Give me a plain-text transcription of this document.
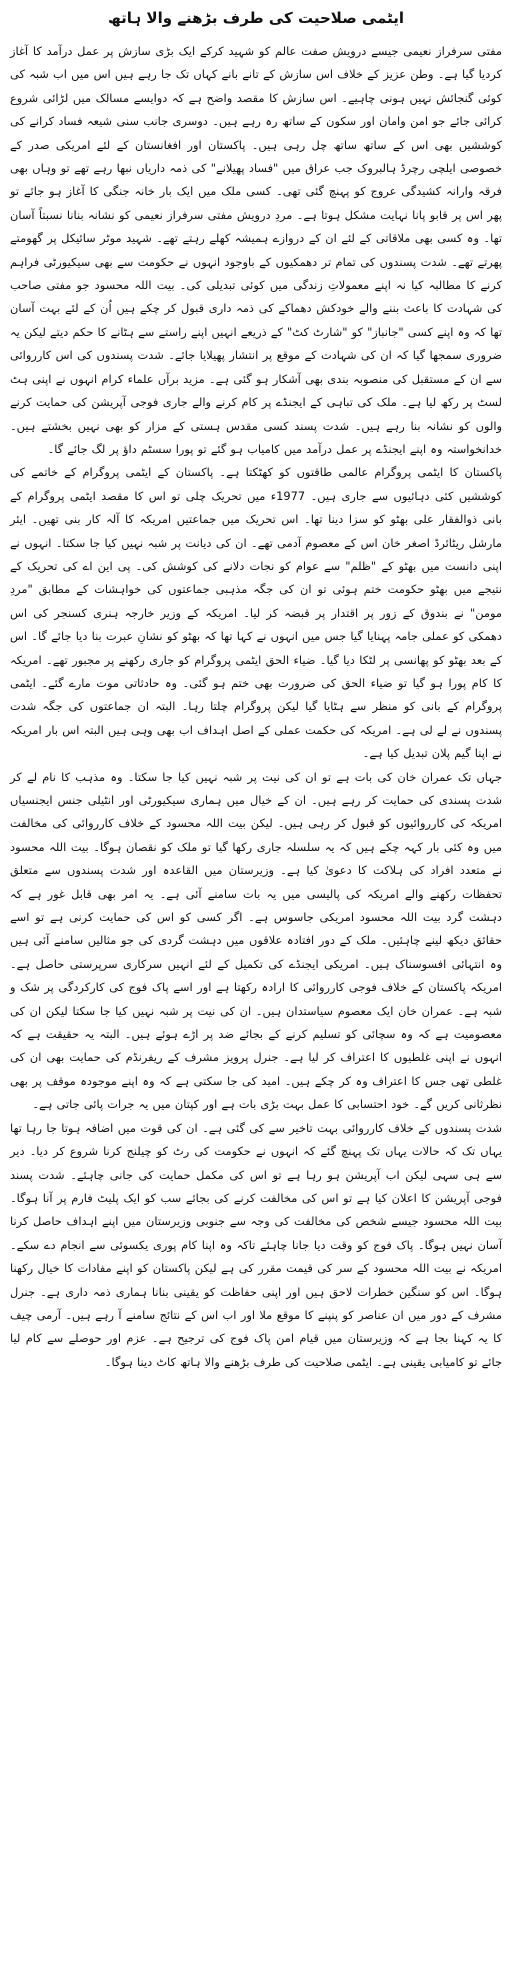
ایٹمی صلاحیت کی طرف بڑھنے والا ہاتھ

مفتی سرفراز نعیمی جیسے درویش صفت عالم کو شہید کرکے ایک بڑی سازش پر عمل درآمد کا آغاز کردیا گیا ہے۔ وطن عزیز کے خلاف اس سازش کے تانے بانے کہاں تک جا رہے ہیں اس میں اب شبہ کی کوئی گنجائش نہیں ہونی چاہیے۔ اس سازش کا مقصد واضح ہے کہ دوایسے مسالک میں لڑائی شروع کرائی جائے جو امن وامان اور سکون کے ساتھ رہ رہے ہیں۔ دوسری جانب سنی شیعہ فساد کرانے کی کوششیں بھی اس کے ساتھ ساتھ چل رہی ہیں۔ پاکستان اور افغانستان کے لئے امریکی صدر کے خصوصی ایلچی رچرڈ ہالبروک جب عراق میں "فساد پھیلانے" کی ذمہ داریاں نبھا رہے تھے تو وہاں بھی فرقہ وارانہ کشیدگی عروج کو پہنچ گئی تھی۔ کسی ملک میں ایک بار خانہ جنگی کا آغاز ہو جائے تو پھر اس پر قابو پانا نہایت مشکل ہوتا ہے۔ مردِ درویش مفتی سرفراز نعیمی کو نشانہ بنانا نسبتاً آسان تھا۔ وہ کسی بھی ملاقاتی کے لئے ان کے دروازے ہمیشہ کھلے رہتے تھے۔ شہید موٹر سائیکل پر گھومتے پھرتے تھے۔ شدت پسندوں کی تمام تر دھمکیوں کے باوجود انہوں نے حکومت سے بھی سیکیورٹی فراہم کرنے کا مطالبہ کیا نہ اپنے معمولاتِ زندگی میں کوئی تبدیلی کی۔ بیت اللہ محسود جو مفتی صاحب کی شہادت کا باعث بننے والے خودکش دھماکے کی ذمہ داری قبول کر چکے ہیں اُن کے لئے بہت آسان تھا کہ وہ اپنے کسی "جانباز" کو "شارٹ کٹ" کے ذریعے انہیں اپنے راستے سے ہٹانے کا حکم دیتے لیکن یہ ضروری سمجھا گیا کہ ان کی شہادت کے موقع پر انتشار پھیلایا جائے۔ شدت پسندوں کی اس کارروائی سے ان کے مستقبل کی منصوبہ بندی بھی آشکار ہو گئی ہے۔ مزید برآں علماء کرام انہوں نے اپنی ہٹ لسٹ پر رکھ لیا ہے۔ ملک کی تباہی کے ایجنڈے پر کام کرنے والے جاری فوجی آپریشن کی حمایت کرنے والوں کو نشانہ بنا رہے ہیں۔ شدت پسند کسی مقدس ہستی کے مزار کو بھی نہیں بخشتے ہیں۔ خدانخواستہ وہ اپنے ایجنڈے پر عمل درآمد میں کامیاب ہو گئے تو پورا سسٹم داؤ پر لگ جائے گا۔

پاکستان کا ایٹمی پروگرام عالمی طاقتوں کو کھٹکتا ہے۔ پاکستان کے ایٹمی پروگرام کے خاتمے کی کوششیں کئی دہائیوں سے جاری ہیں۔ 1977ء میں تحریک چلی تو اس کا مقصد ایٹمی پروگرام کے بانی ذوالفقار علی بھٹو کو سزا دینا تھا۔ اس تحریک میں جماعتیں امریکہ کا آلہ کار بنی تھیں۔ ایئر مارشل ریٹائرڈ اصغر خان اس کے معصوم آدمی تھے۔ ان کی دیانت پر شبہ نہیں کیا جا سکتا۔ انہوں نے اپنی دانست میں بھٹو کے "ظلم" سے عوام کو نجات دلانے کی کوشش کی۔ پی این اے کی تحریک کے نتیجے میں بھٹو حکومت ختم ہوئی تو ان کی جگہ مذہبی جماعتوں کی خواہشات کے مطابق "مردِ مومن" نے بندوق کے زور پر اقتدار پر قبضہ کر لیا۔ امریکہ کے وزیر خارجہ ہنری کسنجر کی اس دھمکی کو عملی جامہ پہنایا گیا جس میں انہوں نے کہا تھا کہ بھٹو کو نشانِ عبرت بنا دیا جائے گا۔ اس کے بعد بھٹو کو پھانسی پر لٹکا دیا گیا۔ ضیاء الحق ایٹمی پروگرام کو جاری رکھنے پر مجبور تھے۔ امریکہ کا کام پورا ہو گیا تو ضیاء الحق کی ضرورت بھی ختم ہو گئی۔ وہ حادثاتی موت مارے گئے۔ ایٹمی پروگرام کے بانی کو منظر سے ہٹایا گیا لیکن پروگرام چلتا رہا۔ البتہ ان جماعتوں کی جگہ شدت پسندوں نے لے لی ہے۔ امریکہ کی حکمت عملی کے اصل اہداف اب بھی وہی ہیں البتہ اس بار امریکہ نے اپنا گیم پلان تبدیل کیا ہے۔

جہاں تک عمران خان کی بات ہے تو ان کی نیت پر شبہ نہیں کیا جا سکتا۔ وہ مذہب کا نام لے کر شدت پسندی کی حمایت کر رہے ہیں۔ ان کے خیال میں ہماری سیکیورٹی اور انٹیلی جنس ایجنسیاں امریکہ کی کارروائیوں کو قبول کر رہی ہیں۔ لیکن بیت اللہ محسود کے خلاف کارروائی کی مخالفت میں وہ کئی بار کہہ چکے ہیں کہ یہ سلسلہ جاری رکھا گیا تو ملک کو نقصان ہوگا۔ بیت اللہ محسود نے متعدد افراد کی ہلاکت کا دعویٰ کیا ہے۔ وزیرستان میں القاعدہ اور شدت پسندوں سے متعلق تحفظات رکھنے والے امریکہ کی پالیسی میں یہ بات سامنے آئی ہے۔ یہ امر بھی قابل غور ہے کہ دہشت گرد بیت اللہ محسود امریکی جاسوس ہے۔ اگر کسی کو اس کی حمایت کرنی ہے تو اسے حقائق دیکھ لینے چاہئیں۔ ملک کے دور افتادہ علاقوں میں دہشت گردی کی جو مثالیں سامنے آئی ہیں وہ انتہائی افسوسناک ہیں۔ امریکی ایجنڈے کی تکمیل کے لئے انہیں سرکاری سرپرستی حاصل ہے۔ امریکہ پاکستان کے خلاف فوجی کارروائی کا ارادہ رکھتا ہے اور اسے پاک فوج کی کارکردگی پر شک و شبہ ہے۔ عمران خان ایک معصوم سیاستدان ہیں۔ ان کی نیت پر شبہ نہیں کیا جا سکتا لیکن ان کی معصومیت ہے کہ وہ سچائی کو تسلیم کرنے کے بجائے ضد پر اڑے ہوئے ہیں۔ البتہ یہ حقیقت ہے کہ انہوں نے اپنی غلطیوں کا اعتراف کر لیا ہے۔ جنرل پرویز مشرف کے ریفرنڈم کی حمایت بھی ان کی غلطی تھی جس کا اعتراف وہ کر چکے ہیں۔ امید کی جا سکتی ہے کہ وہ اپنے موجودہ موقف پر بھی نظرثانی کریں گے۔ خود احتسابی کا عمل بہت بڑی بات ہے اور کپتان میں یہ جرات پائی جاتی ہے۔

شدت پسندوں کے خلاف کارروائی بہت تاخیر سے کی گئی ہے۔ ان کی قوت میں اضافہ ہوتا جا رہا تھا یہاں تک کہ حالات یہاں تک پہنچ گئے کہ انہوں نے حکومت کی رٹ کو چیلنج کرنا شروع کر دیا۔ دیر سے ہی سہی لیکن اب آپریشن ہو رہا ہے تو اس کی مکمل حمایت کی جانی چاہئے۔ شدت پسند فوجی آپریشن کا اعلان کیا ہے تو اس کی مخالفت کرنے کی بجائے سب کو ایک پلیٹ فارم پر آنا ہوگا۔ بیت اللہ محسود جیسے شخص کی مخالفت کی وجہ سے جنوبی وزیرستان میں اپنے اہداف حاصل کرنا آسان نہیں ہوگا۔ پاک فوج کو وقت دیا جانا چاہئے تاکہ وہ اپنا کام پوری یکسوئی سے انجام دے سکے۔ امریکہ نے بیت اللہ محسود کے سر کی قیمت مقرر کی ہے لیکن پاکستان کو اپنے مفادات کا خیال رکھنا ہوگا۔ اس کو سنگین خطرات لاحق ہیں اور اپنی حفاظت کو یقینی بنانا ہماری ذمہ داری ہے۔ جنرل مشرف کے دور میں ان عناصر کو پنپنے کا موقع ملا اور اب اس کے نتائج سامنے آ رہے ہیں۔ آرمی چیف کا یہ کہنا بجا ہے کہ وزیرستان میں قیام امن پاک فوج کی ترجیح ہے۔ عزم اور حوصلے سے کام لیا جائے تو کامیابی یقینی ہے۔ ایٹمی صلاحیت کی طرف بڑھنے والا ہاتھ کاٹ دینا ہوگا۔
